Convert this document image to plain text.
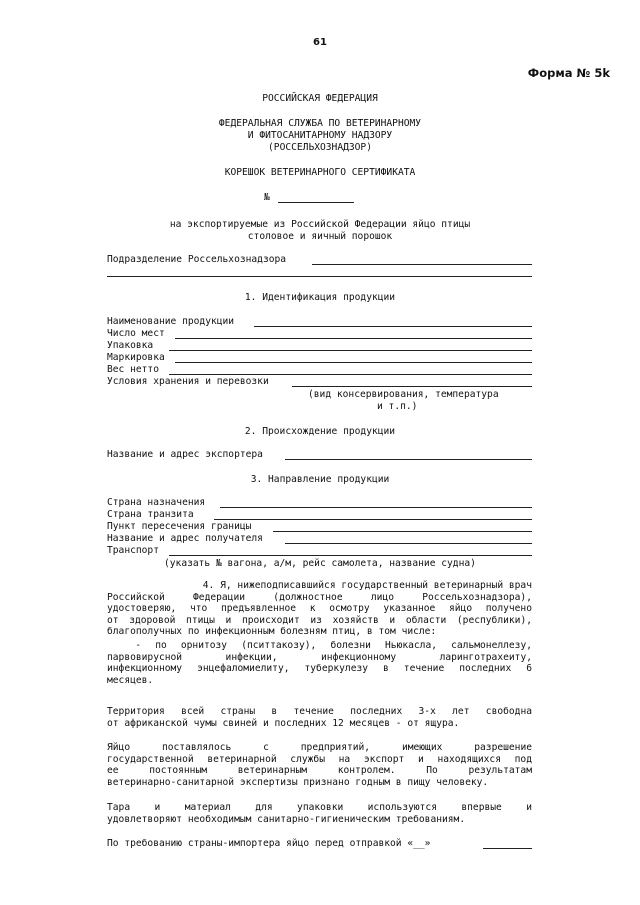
61
Форма № 5k
РОССИЙСКАЯ ФЕДЕРАЦИЯ
ФЕДЕРАЛЬНАЯ СЛУЖБА ПО ВЕТЕРИНАРНОМУ
И ФИТОСАНИТАРНОМУ НАДЗОРУ
(РОССЕЛЬХОЗНАДЗОР)
КОРЕШОК ВЕТЕРИНАРНОГО СЕРТИФИКАТА
№
на экспортируемые из Российской Федерации яйцо птицы
столовое и яичный порошок
Подразделение Россельхознадзора
1. Идентификация продукции
Наименование продукции
Число мест
Упаковка
Маркировка
Вес нетто
Условия хранения и перевозки
(вид консервирования, температура
и т.п.)
2. Происхождение продукции
Название и адрес экспортера
3. Направление продукции
Страна назначения
Страна транзита
Пункт пересечения границы
Название и адрес получателя
Транспорт
(указать № вагона, а/м, рейс самолета, название судна)
4. Я, нижеподписавшийся государственный ветеринарный врач
Российской Федерации (должностное лицо Россельхознадзора),
удостоверяю, что предъявленное к осмотру указанное яйцо получено
от здоровой птицы и происходит из хозяйств и области (республики),
благополучных по инфекционным болезням птиц, в том числе:
- по орнитозу (пситтакозу), болезни Ньюкасла, сальмонеллезу,
парвовирусной инфекции, инфекционному ларинготрахеиту,
инфекционному энцефаломиелиту, туберкулезу в течение последних 6
месяцев.
Территория всей страны в течение последних 3-х лет свободна
от африканской чумы свиней и последних 12 месяцев - от ящура.
Яйцо поставлялось с предприятий, имеющих разрешение
государственной ветеринарной службы на экспорт и находящихся под
ее постоянным ветеринарным контролем. По результатам
ветеринарно-санитарной экспертизы признано годным в пищу человеку.
Тара и материал для упаковки используются впервые и
удовлетворяют необходимым санитарно-гигиеническим требованиям.
По требованию страны-импортера яйцо перед отправкой «__»
